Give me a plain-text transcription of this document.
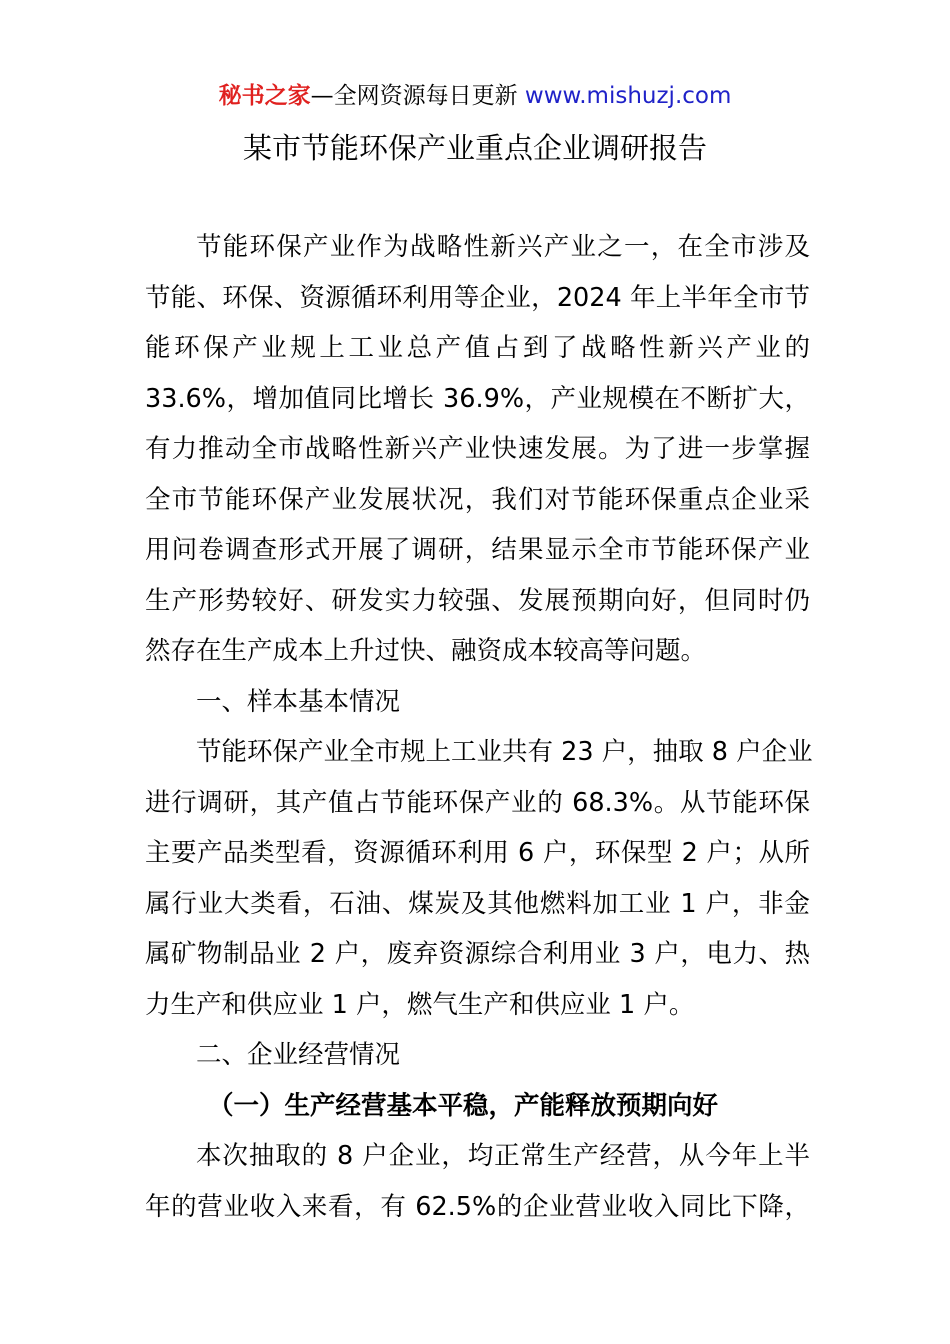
秘书之家—全网资源每日更新 www.mishuzj.com
某市节能环保产业重点企业调研报告
节能环保产业作为战略性新兴产业之一，在全市涉及
节能、环保、资源循环利用等企业，2024 年上半年全市节
能环保产业规上工业总产值占到了战略性新兴产业的
33.6%，增加值同比增长 36.9%，产业规模在不断扩大，
有力推动全市战略性新兴产业快速发展。为了进一步掌握
全市节能环保产业发展状况，我们对节能环保重点企业采
用问卷调查形式开展了调研，结果显示全市节能环保产业
生产形势较好、研发实力较强、发展预期向好，但同时仍
然存在生产成本上升过快、融资成本较高等问题。
一、样本基本情况
节能环保产业全市规上工业共有 23 户，抽取 8 户企业
进行调研，其产值占节能环保产业的 68.3%。从节能环保
主要产品类型看，资源循环利用 6 户，环保型 2 户；从所
属行业大类看，石油、煤炭及其他燃料加工业 1 户，非金
属矿物制品业 2 户，废弃资源综合利用业 3 户，电力、热
力生产和供应业 1 户，燃气生产和供应业 1 户。
二、企业经营情况
（一）生产经营基本平稳，产能释放预期向好
本次抽取的 8 户企业，均正常生产经营，从今年上半
年的营业收入来看，有 62.5%的企业营业收入同比下降，
